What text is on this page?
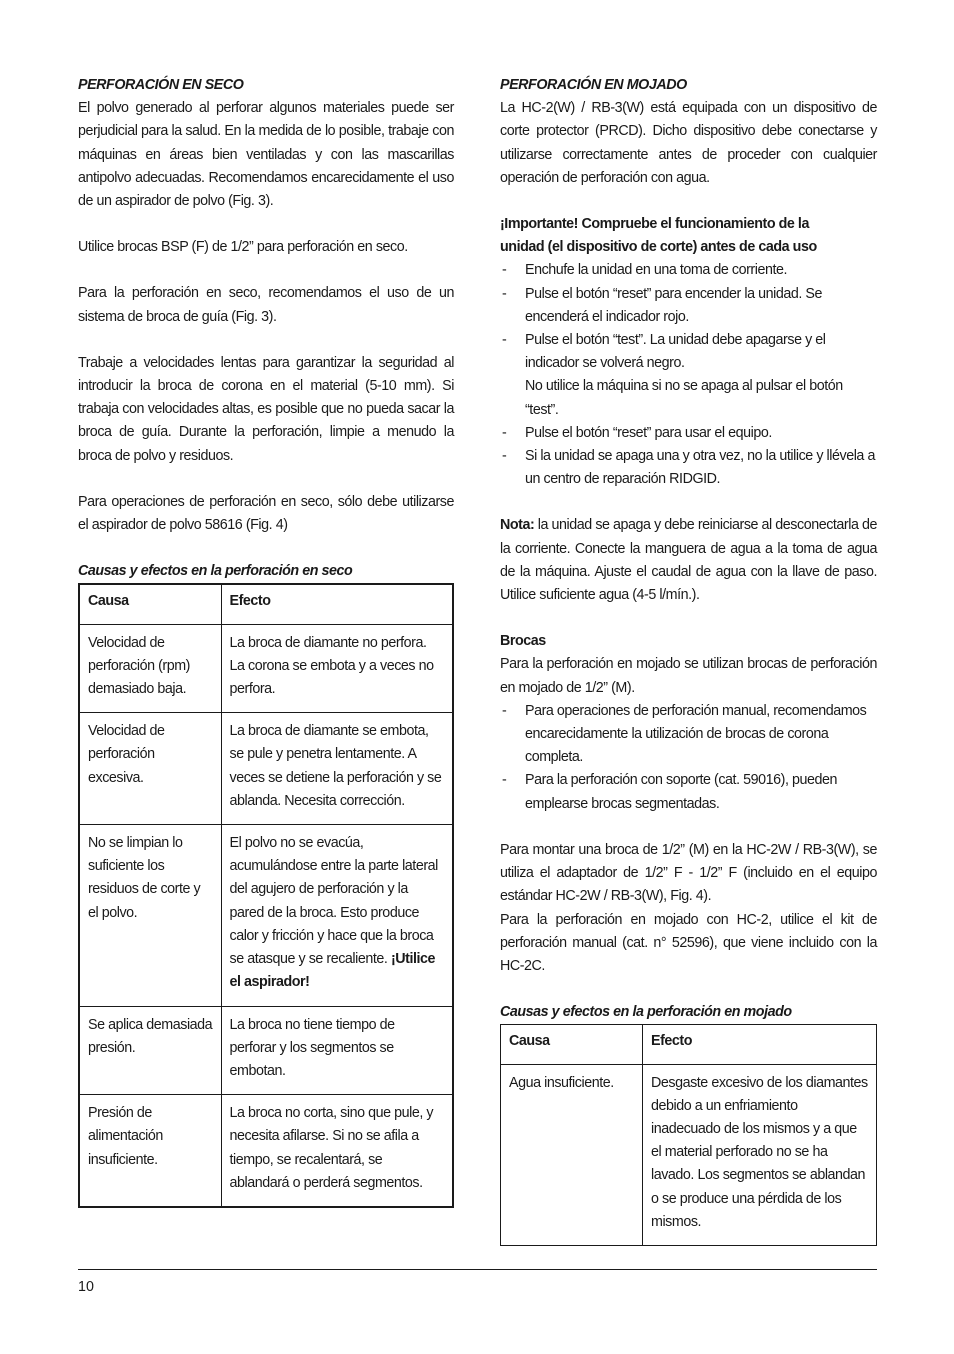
PERFORACIÓN EN SECO

El polvo generado al perforar algunos materiales puede ser perjudicial para la salud. En la medida de lo posible, trabaje con máquinas en áreas bien ventiladas y con las mascarillas antipolvo adecuadas. Recomendamos encarecidamente el uso de un aspirador de polvo (Fig. 3).

Utilice brocas BSP (F) de 1/2” para perforación en seco.

Para la perforación en seco, recomendamos el uso de un sistema de broca de guía (Fig. 3).

Trabaje a velocidades lentas para garantizar la seguridad al introducir la broca de corona en el material (5-10 mm). Si trabaja con velocidades altas, es posible que no pueda sacar la broca de guía. Durante la perforación, limpie a menudo la broca de polvo y residuos.

Para operaciones de perforación en seco, sólo debe utilizarse el aspirador de polvo 58616 (Fig. 4)

Causas y efectos en la perforación en seco

Causa	Efecto
Velocidad de perforación (rpm) demasiado baja.	La broca de diamante no perfora. La corona se embota y a veces no perfora.
Velocidad de perforación excesiva.	La broca de diamante se embota, se pule y penetra lentamente. A veces se detiene la perforación y se ablanda. Necesita corrección.
No se limpian lo suficiente los residuos de corte y el polvo.	El polvo no se evacúa, acumulándose entre la parte lateral del agujero de perforación y la pared de la broca. Esto produce calor y fricción y hace que la broca se atasque y se recaliente. ¡Utilice el aspirador!
Se aplica demasiada presión.	La broca no tiene tiempo de perforar y los segmentos se embotan.
Presión de alimentación insuficiente.	La broca no corta, sino que pule, y necesita afilarse. Si no se afila a tiempo, se recalentará, se ablandará o perderá segmentos.

PERFORACIÓN EN MOJADO

La HC-2(W) / RB-3(W) está equipada con un dispositivo de corte protector (PRCD). Dicho dispositivo debe conectarse y utilizarse correctamente antes de proceder con cualquier operación de perforación con agua.

¡Importante! Compruebe el funcionamiento de la
unidad (el dispositivo de corte) antes de cada uso

- Enchufe la unidad en una toma de corriente.
- Pulse el botón “reset” para encender la unidad. Se encenderá el indicador rojo.
- Pulse el botón “test”. La unidad debe apagarse y el indicador se volverá negro.
No utilice la máquina si no se apaga al pulsar el botón “test”.
- Pulse el botón “reset” para usar el equipo.
- Si la unidad se apaga una y otra vez, no la utilice y llévela a un centro de reparación RIDGID.

Nota: la unidad se apaga y debe reiniciarse al desconectarla de la corriente. Conecte la manguera de agua a la toma de agua de la máquina. Ajuste el caudal de agua con la llave de paso. Utilice suficiente agua (4-5 l/mín.).

Brocas

Para la perforación en mojado se utilizan brocas de perforación en mojado de 1/2” (M).

- Para operaciones de perforación manual, recomendamos encarecidamente la utilización de brocas de corona completa.
- Para la perforación con soporte (cat. 59016), pueden emplearse brocas segmentadas.

Para montar una broca de 1/2” (M) en la HC-2W / RB-3(W), se utiliza el adaptador de 1/2” F - 1/2” F (incluido en el equipo estándar HC-2W / RB-3(W), Fig. 4).

Para la perforación en mojado con HC-2, utilice el kit de perforación manual (cat. n° 52596), que viene incluido con la HC-2C.

Causas y efectos en la perforación en mojado

Causa	Efecto
Agua insuficiente.	Desgaste excesivo de los diamantes debido a un enfriamiento inadecuado de los mismos y a que el material perforado no se ha lavado. Los segmentos se ablandan o se produce una pérdida de los mismos.
10
